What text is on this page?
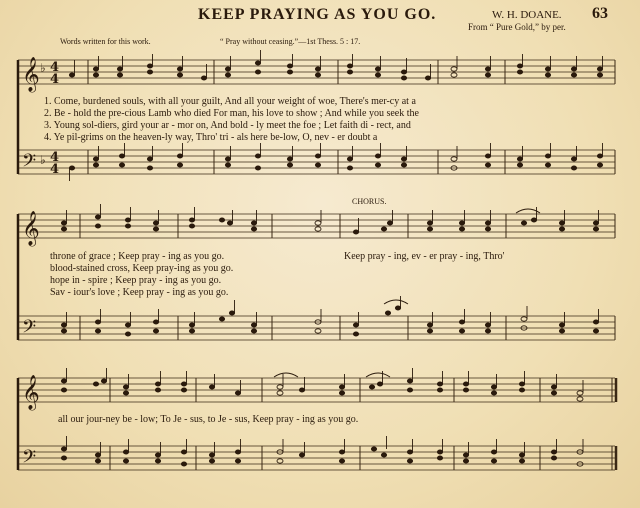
KEEP PRAYING AS YOU GO.	W. H. DOANE.
From “ Pure Gold,” by per.
63
Words written for this work.	“ Pray without ceasing.”—1st Thess. 5 : 17.
𝄞
𝄢
𝄞
𝄢
𝄞
𝄢
♭
♭
4
4
4
4
CHORUS.
1. Come, burdened souls, with all your guilt, And all your weight of woe, There's mer-cy at a
2. Be - hold the pre-cious Lamb who died For man, his love to show ; And while you seek the
3. Young sol-diers, gird your ar - mor on, And bold - ly meet the foe ; Let faith di - rect, and
4. Ye pil-grims on the heaven-ly way, Thro' tri - als here be-low, O, nev - er doubt a
throne of grace ; Keep pray - ing as you go.
blood-stained cross, Keep pray-ing as you go.
hope in - spire ; Keep pray - ing as you go.
Sav - iour's love ; Keep pray - ing as you go.
Keep pray - ing, ev - er pray - ing, Thro'
all our jour-ney be - low; To Je - sus, to Je - sus, Keep pray - ing as you go.
